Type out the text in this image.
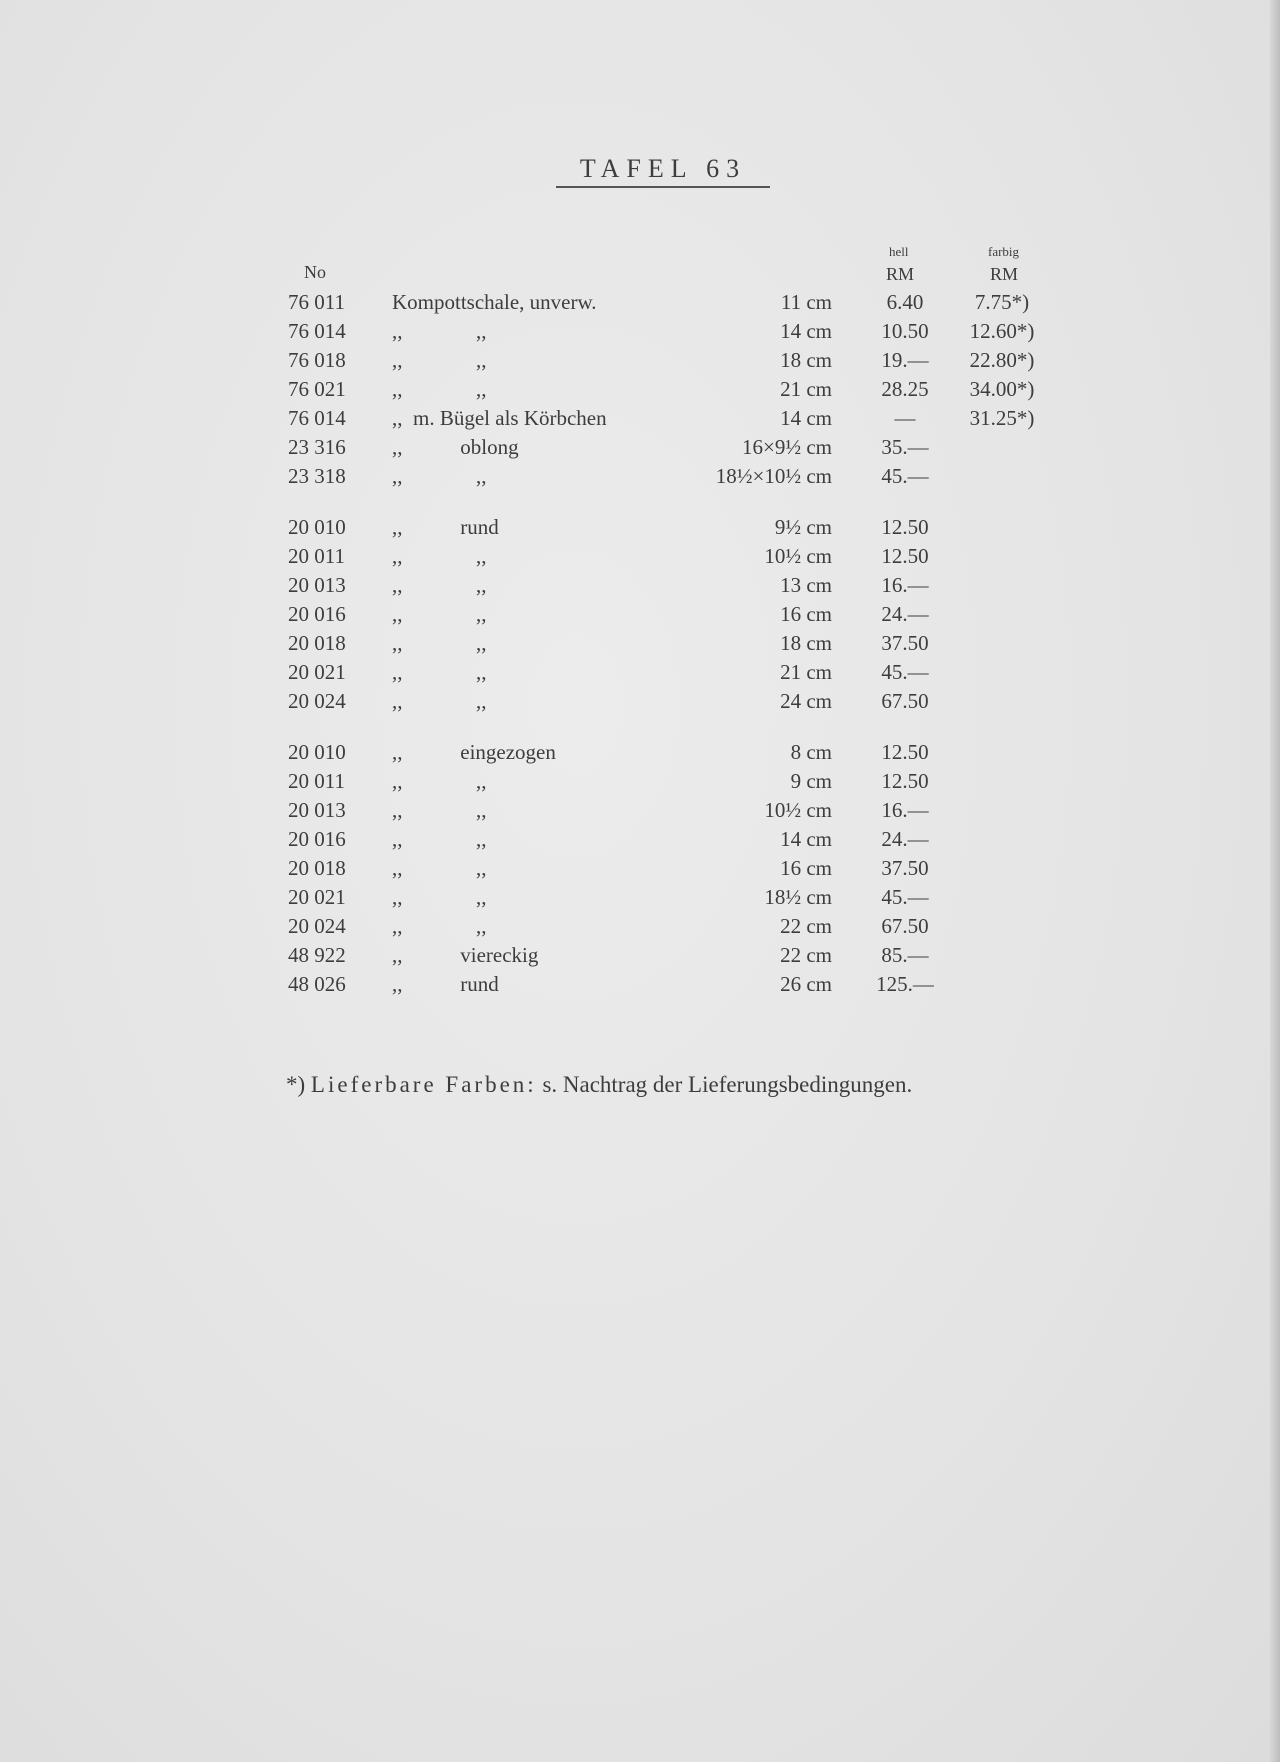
TAFEL 63
hell	farbig
No	RM	RM
76 011 Kompottschale, unverw.	11 cm	6.40	7.75*)
76 014 ,,              ,,	14 cm	10.50	12.60*)
76 018 ,,              ,,	18 cm	19.—	22.80*)
76 021 ,,              ,,	21 cm	28.25	34.00*)
76 014 ,,  m. Bügel als Körbchen	14 cm	—	31.25*)
23 316 ,,           oblong	16×9½ cm	35.—
23 318 ,,              ,,	18½×10½ cm	45.—
20 010 ,,           rund	9½ cm	12.50
20 011 ,,              ,,	10½ cm	12.50
20 013 ,,              ,,	13 cm	16.—
20 016 ,,              ,,	16 cm	24.—
20 018 ,,              ,,	18 cm	37.50
20 021 ,,              ,,	21 cm	45.—
20 024 ,,              ,,	24 cm	67.50
20 010 ,,           eingezogen	8 cm	12.50
20 011 ,,              ,,	9 cm	12.50
20 013 ,,              ,,	10½ cm	16.—
20 016 ,,              ,,	14 cm	24.—
20 018 ,,              ,,	16 cm	37.50
20 021 ,,              ,,	18½ cm	45.—
20 024 ,,              ,,	22 cm	67.50
48 922 ,,           viereckig	22 cm	85.—
48 026 ,,           rund	26 cm	125.—
*) Lieferbare Farben: s. Nachtrag der Lieferungsbedingungen.
